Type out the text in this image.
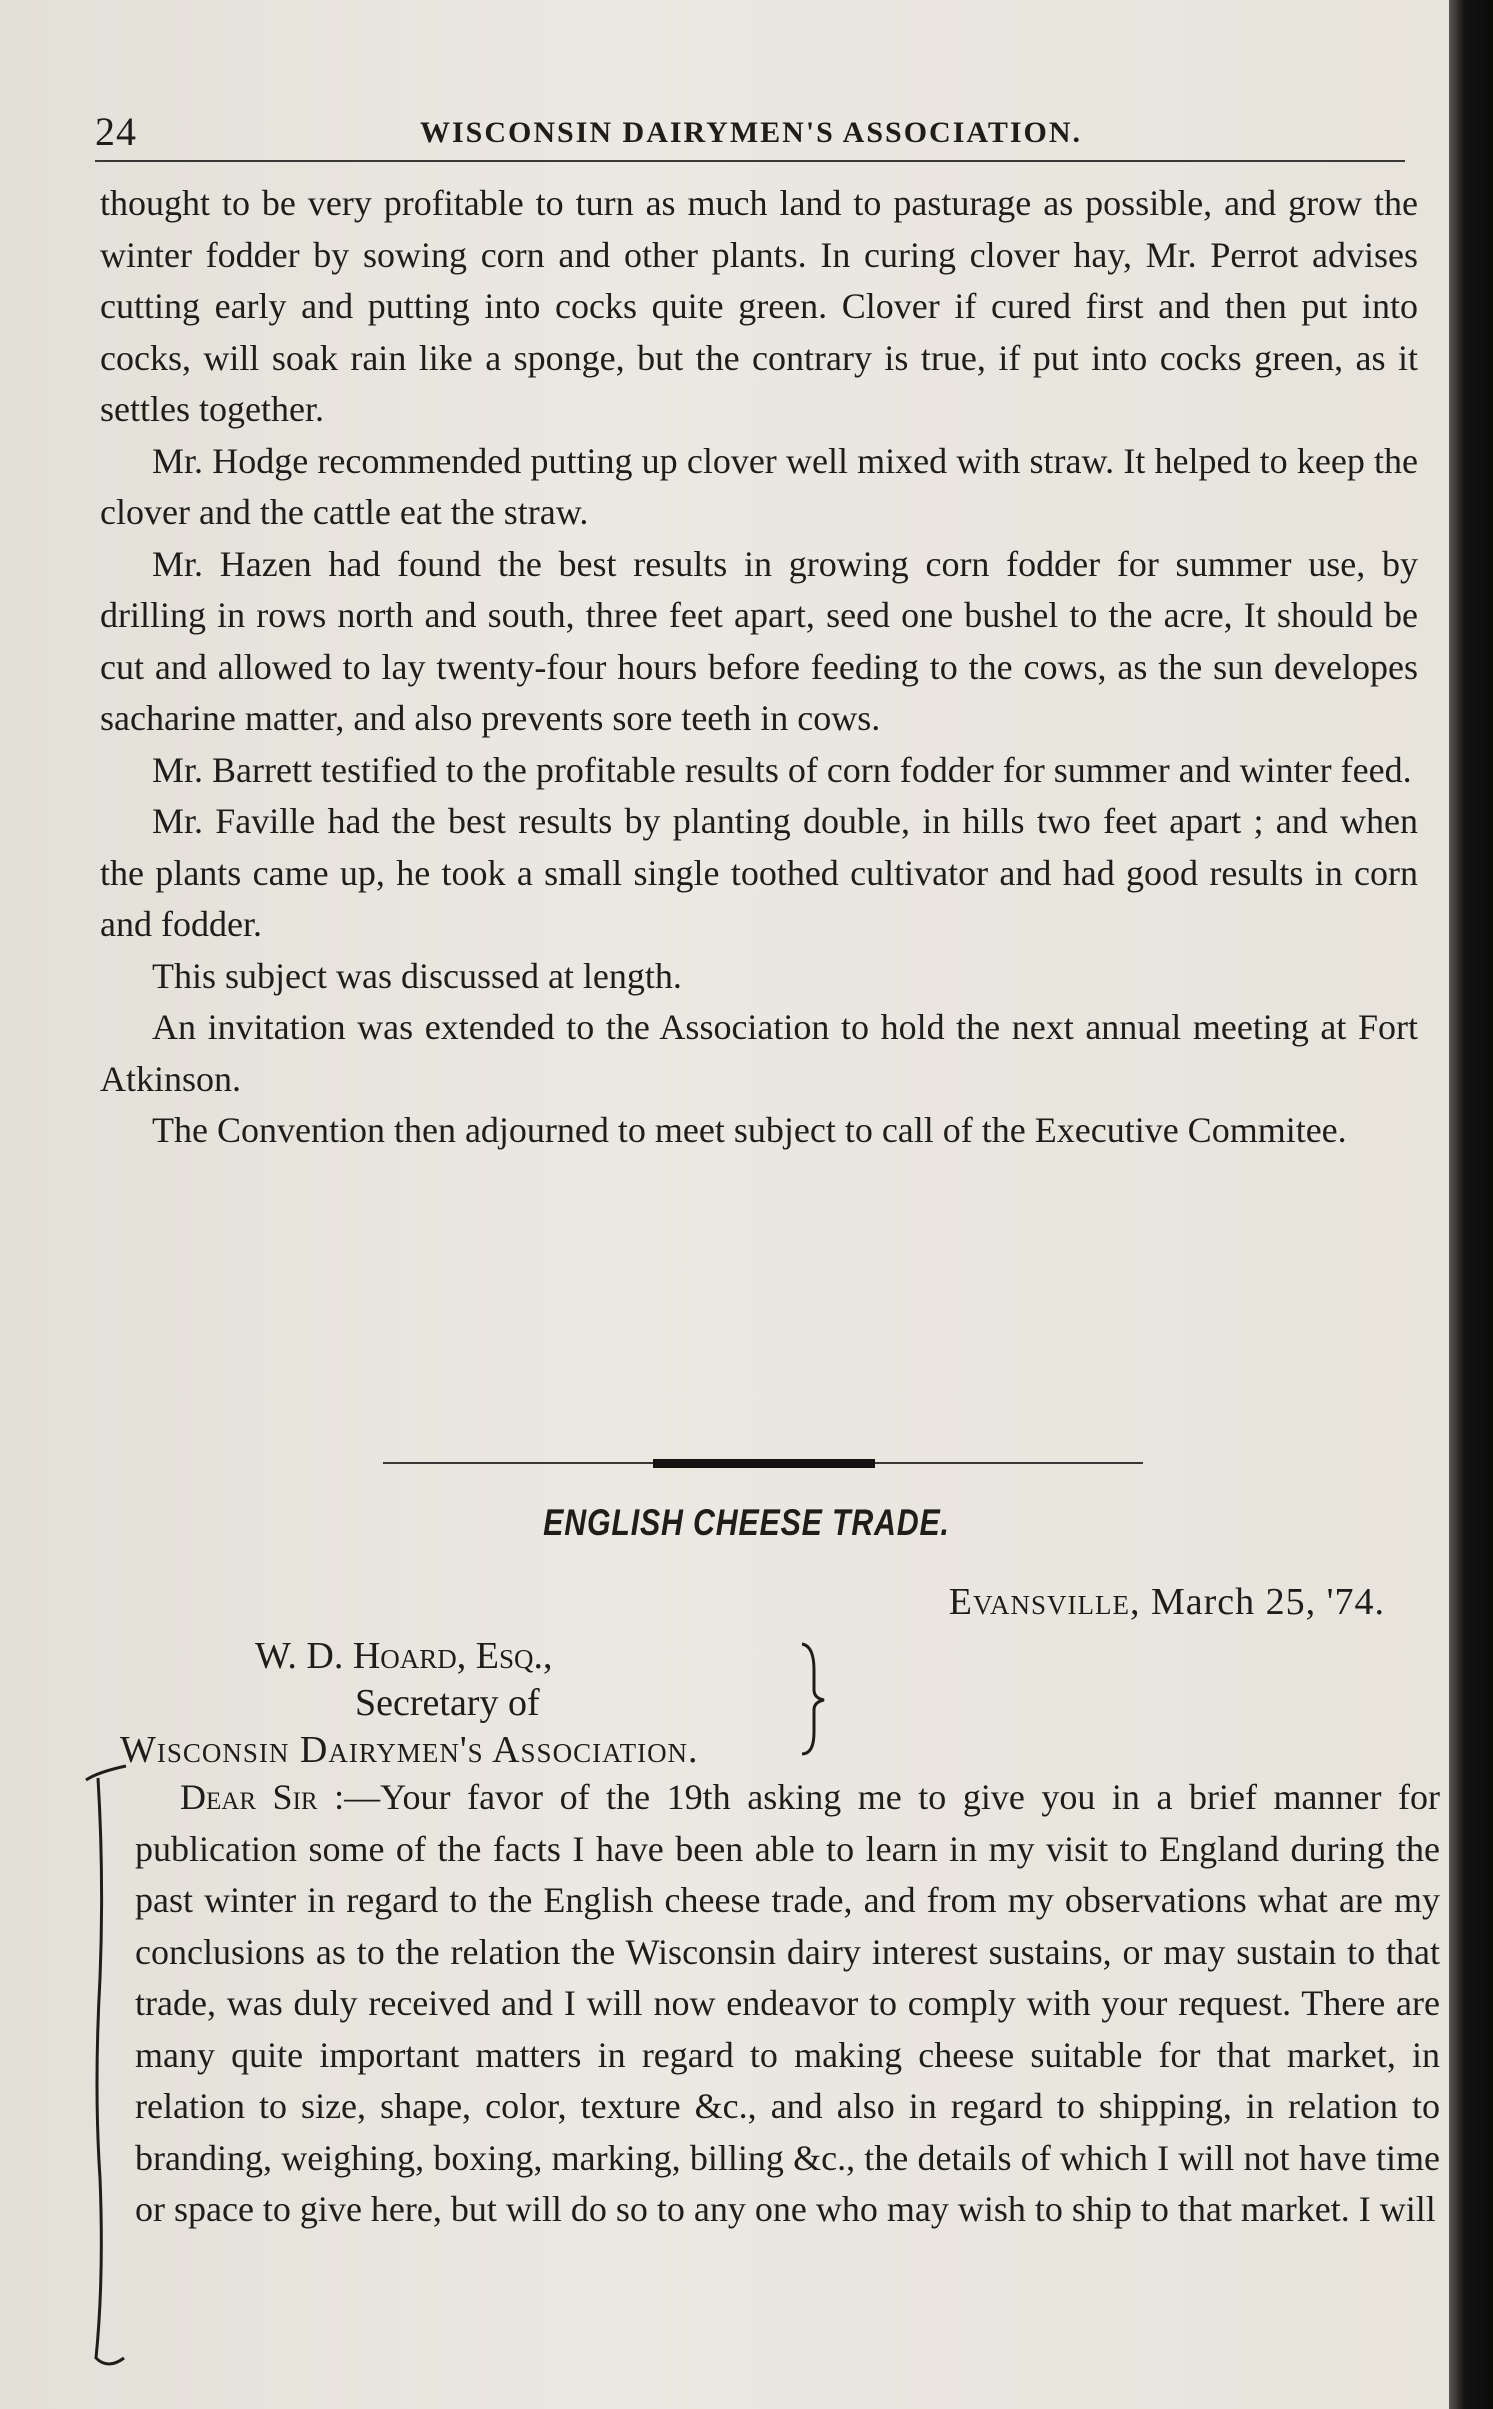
24	WISCONSIN DAIRYMEN'S ASSOCIATION.

thought to be very profitable to turn as much land to pasturage as possible, and grow the winter fodder by sowing corn and other plants. In curing clover hay, Mr. Perrot advises cutting early and putting into cocks quite green. Clover if cured first and then put into cocks, will soak rain like a sponge, but the contrary is true, if put into cocks green, as it settles together.

Mr. Hodge recommended putting up clover well mixed with straw. It helped to keep the clover and the cattle eat the straw.

Mr. Hazen had found the best results in growing corn fodder for summer use, by drilling in rows north and south, three feet apart, seed one bushel to the acre, It should be cut and allowed to lay twenty-four hours before feeding to the cows, as the sun developes sacharine matter, and also prevents sore teeth in cows.

Mr. Barrett testified to the profitable results of corn fodder for summer and winter feed.

Mr. Faville had the best results by planting double, in hills two feet apart ; and when the plants came up, he took a small single toothed cultivator and had good results in corn and fodder.

This subject was discussed at length.

An invitation was extended to the Association to hold the next annual meeting at Fort Atkinson.

The Convention then adjourned to meet subject to call of the Executive Commitee.

ENGLISH CHEESE TRADE.
Evansville, March 25, '74.
W. D. Hoard, Esq.,
Secretary of
Wisconsin Dairymen's Association.

Dear Sir :—Your favor of the 19th asking me to give you in a brief manner for publication some of the facts I have been able to learn in my visit to England during the past winter in regard to the English cheese trade, and from my observations what are my conclusions as to the relation the Wisconsin dairy interest sustains, or may sustain to that trade, was duly received and I will now endeavor to comply with your request. There are many quite important matters in regard to making cheese suitable for that market, in relation to size, shape, color, texture &c., and also in regard to shipping, in relation to branding, weighing, boxing, marking, billing &c., the details of which I will not have time or space to give here, but will do so to any one who may wish to ship to that market. I will
